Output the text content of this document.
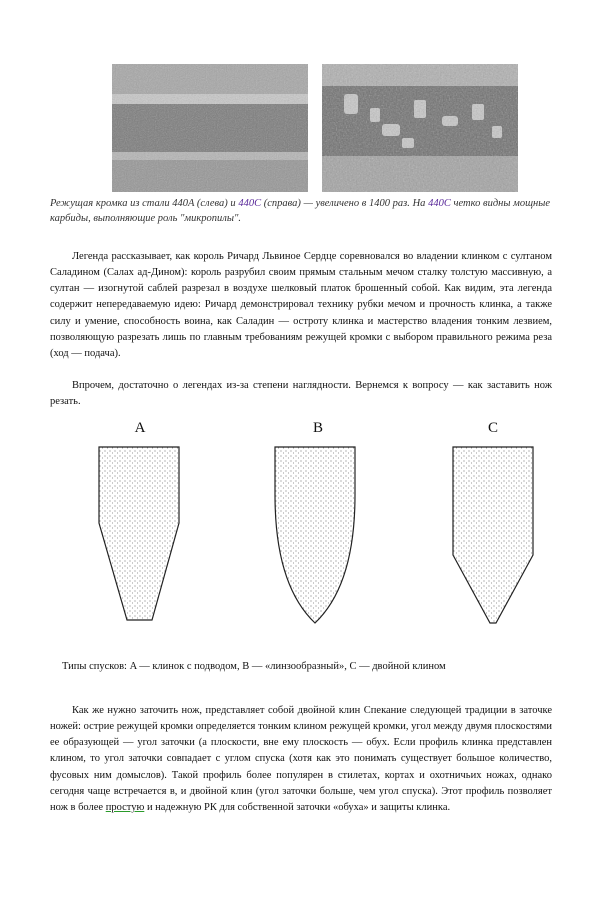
Режущая кромка из стали 440A (слева) и 440C (справа) — увеличено в 1400 раз. На 440C четко видны мощные карбиды, выполняющие роль "микропилы".

Легенда рассказывает, как король Ричард Львиное Сердце соревновался во владении клинком с султаном Саладином (Салах ад-Дином): король разрубил своим прямым стальным мечом сталку толстую массивную, а султан — изогнутой саблей разрезал в воздухе шелковый платок брошенный собой. Как видим, эта легенда содержит непередаваемую идею: Ричард демонстрировал технику рубки мечом и прочность клинка, а также силу и умение, способность воина, как Саладин — остроту клинка и мастерство владения тонким лезвием, позволяющую разрезать лишь по главным требованиям режущей кромки с выбором правильного режима реза (ход — подача).

Впрочем, достаточно о легендах из-за степени наглядности. Вернемся к вопросу — как заставить нож резать.

A	B	C
Типы спусков: A — клинок с подводом, B — «линзообразный», C — двойной клином

Как же нужно заточить нож, представляет собой двойной клин Спекание следующей традиции в заточке ножей: острие режущей кромки определяется тонким клином режущей кромки, угол между двумя плоскостями ее образующей — угол заточки (а плоскости, вне ему плоскость — обух. Если профиль клинка представлен клином, то угол заточки совпадает с углом спуска (хотя как это понимать существует большое количество, фусовых ним домыслов). Такой профиль более популярен в стилетах, кортах и охотничьих ножах, однако сегодня чаще встречается в, и двойной клин (угол заточки больше, чем угол спуска). Этот профиль позволяет нож в более простую и надежную РК для собственной заточки «обуха» и защиты клинка.
